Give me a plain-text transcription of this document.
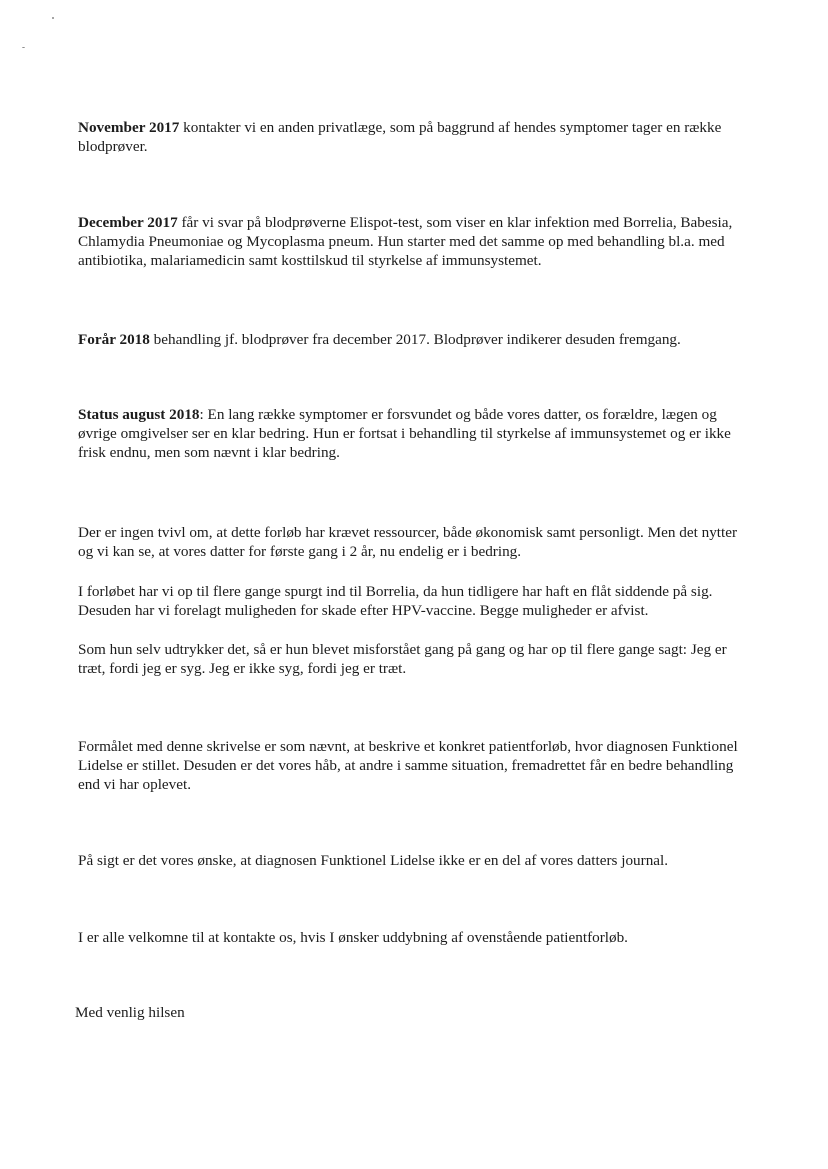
November 2017 kontakter vi en anden privatlæge, som på baggrund af hendes symptomer tager en række blodprøver.

December 2017 får vi svar på blodprøverne Elispot-test, som viser en klar infektion med Borrelia, Babesia, Chlamydia Pneumoniae og Mycoplasma pneum. Hun starter med det samme op med behandling bl.a. med antibiotika, malariamedicin samt kosttilskud til styrkelse af immunsystemet.

Forår 2018 behandling jf. blodprøver fra december 2017. Blodprøver indikerer desuden fremgang.

Status august 2018: En lang række symptomer er forsvundet og både vores datter, os forældre, lægen og øvrige omgivelser ser en klar bedring. Hun er fortsat i behandling til styrkelse af immunsystemet og er ikke frisk endnu, men som nævnt i klar bedring.

Der er ingen tvivl om, at dette forløb har krævet ressourcer, både økonomisk samt personligt. Men det nytter og vi kan se, at vores datter for første gang i 2 år, nu endelig er i bedring.

I forløbet har vi op til flere gange spurgt ind til Borrelia, da hun tidligere har haft en flåt siddende på sig. Desuden har vi forelagt muligheden for skade efter HPV-vaccine. Begge muligheder er afvist.

Som hun selv udtrykker det, så er hun blevet misforstået gang på gang og har op til flere gange sagt: Jeg er træt, fordi jeg er syg. Jeg er ikke syg, fordi jeg er træt.

Formålet med denne skrivelse er som nævnt, at beskrive et konkret patientforløb, hvor diagnosen Funktionel Lidelse er stillet. Desuden er det vores håb, at andre i samme situation, fremadrettet får en bedre behandling end vi har oplevet.

På sigt er det vores ønske, at diagnosen Funktionel Lidelse ikke er en del af vores datters journal.

I er alle velkomne til at kontakte os, hvis I ønsker uddybning af ovenstående patientforløb.

Med venlig hilsen
